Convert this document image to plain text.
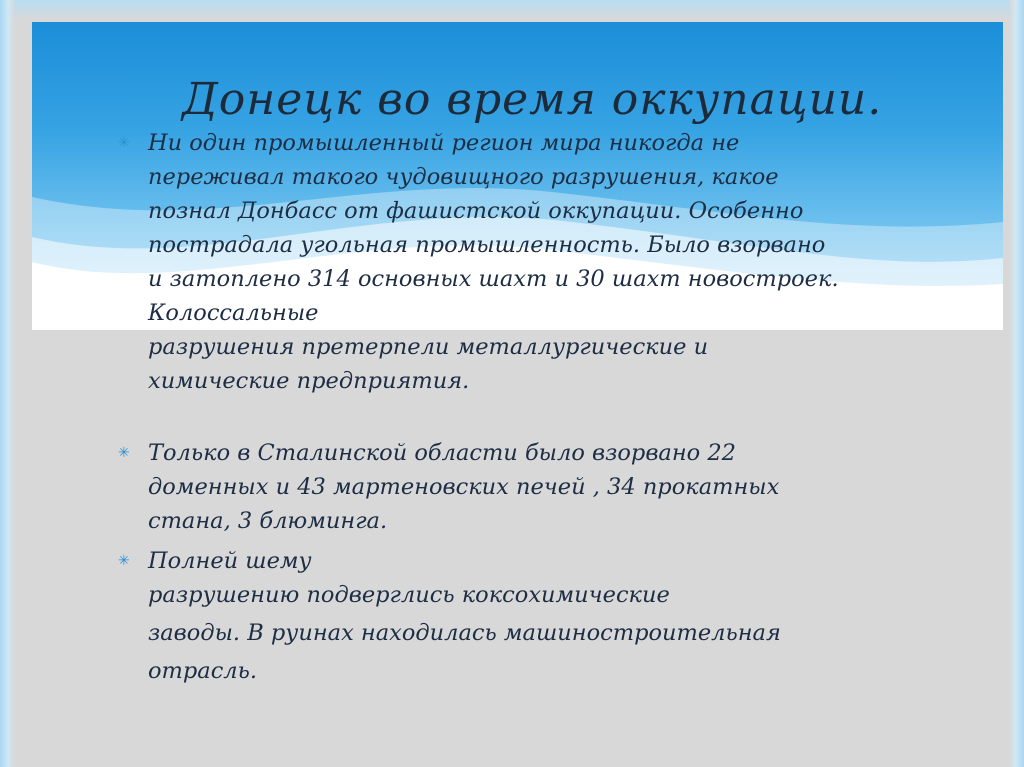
Донецк во время оккупации.
✳ Ни один промышленный регион мира никогда не
переживал такого чудовищного разрушения, какое
познал Донбасс от фашистской оккупации. Особенно
пострадала угольная промышленность. Было взорвано
и затоплено 314 основных шахт и 30 шахт новостроек.
Колоссальные
разрушения претерпели металлургические и
химические предприятия.
✳ Только в Сталинской области было взорвано 22
доменных и 43 мартеновских печей , 34 прокатных
стана, 3 блюминга.
✳ Полней шему
разрушению подверглись коксохимические
заводы. В руинах находилась машиностроительная
отрасль.
